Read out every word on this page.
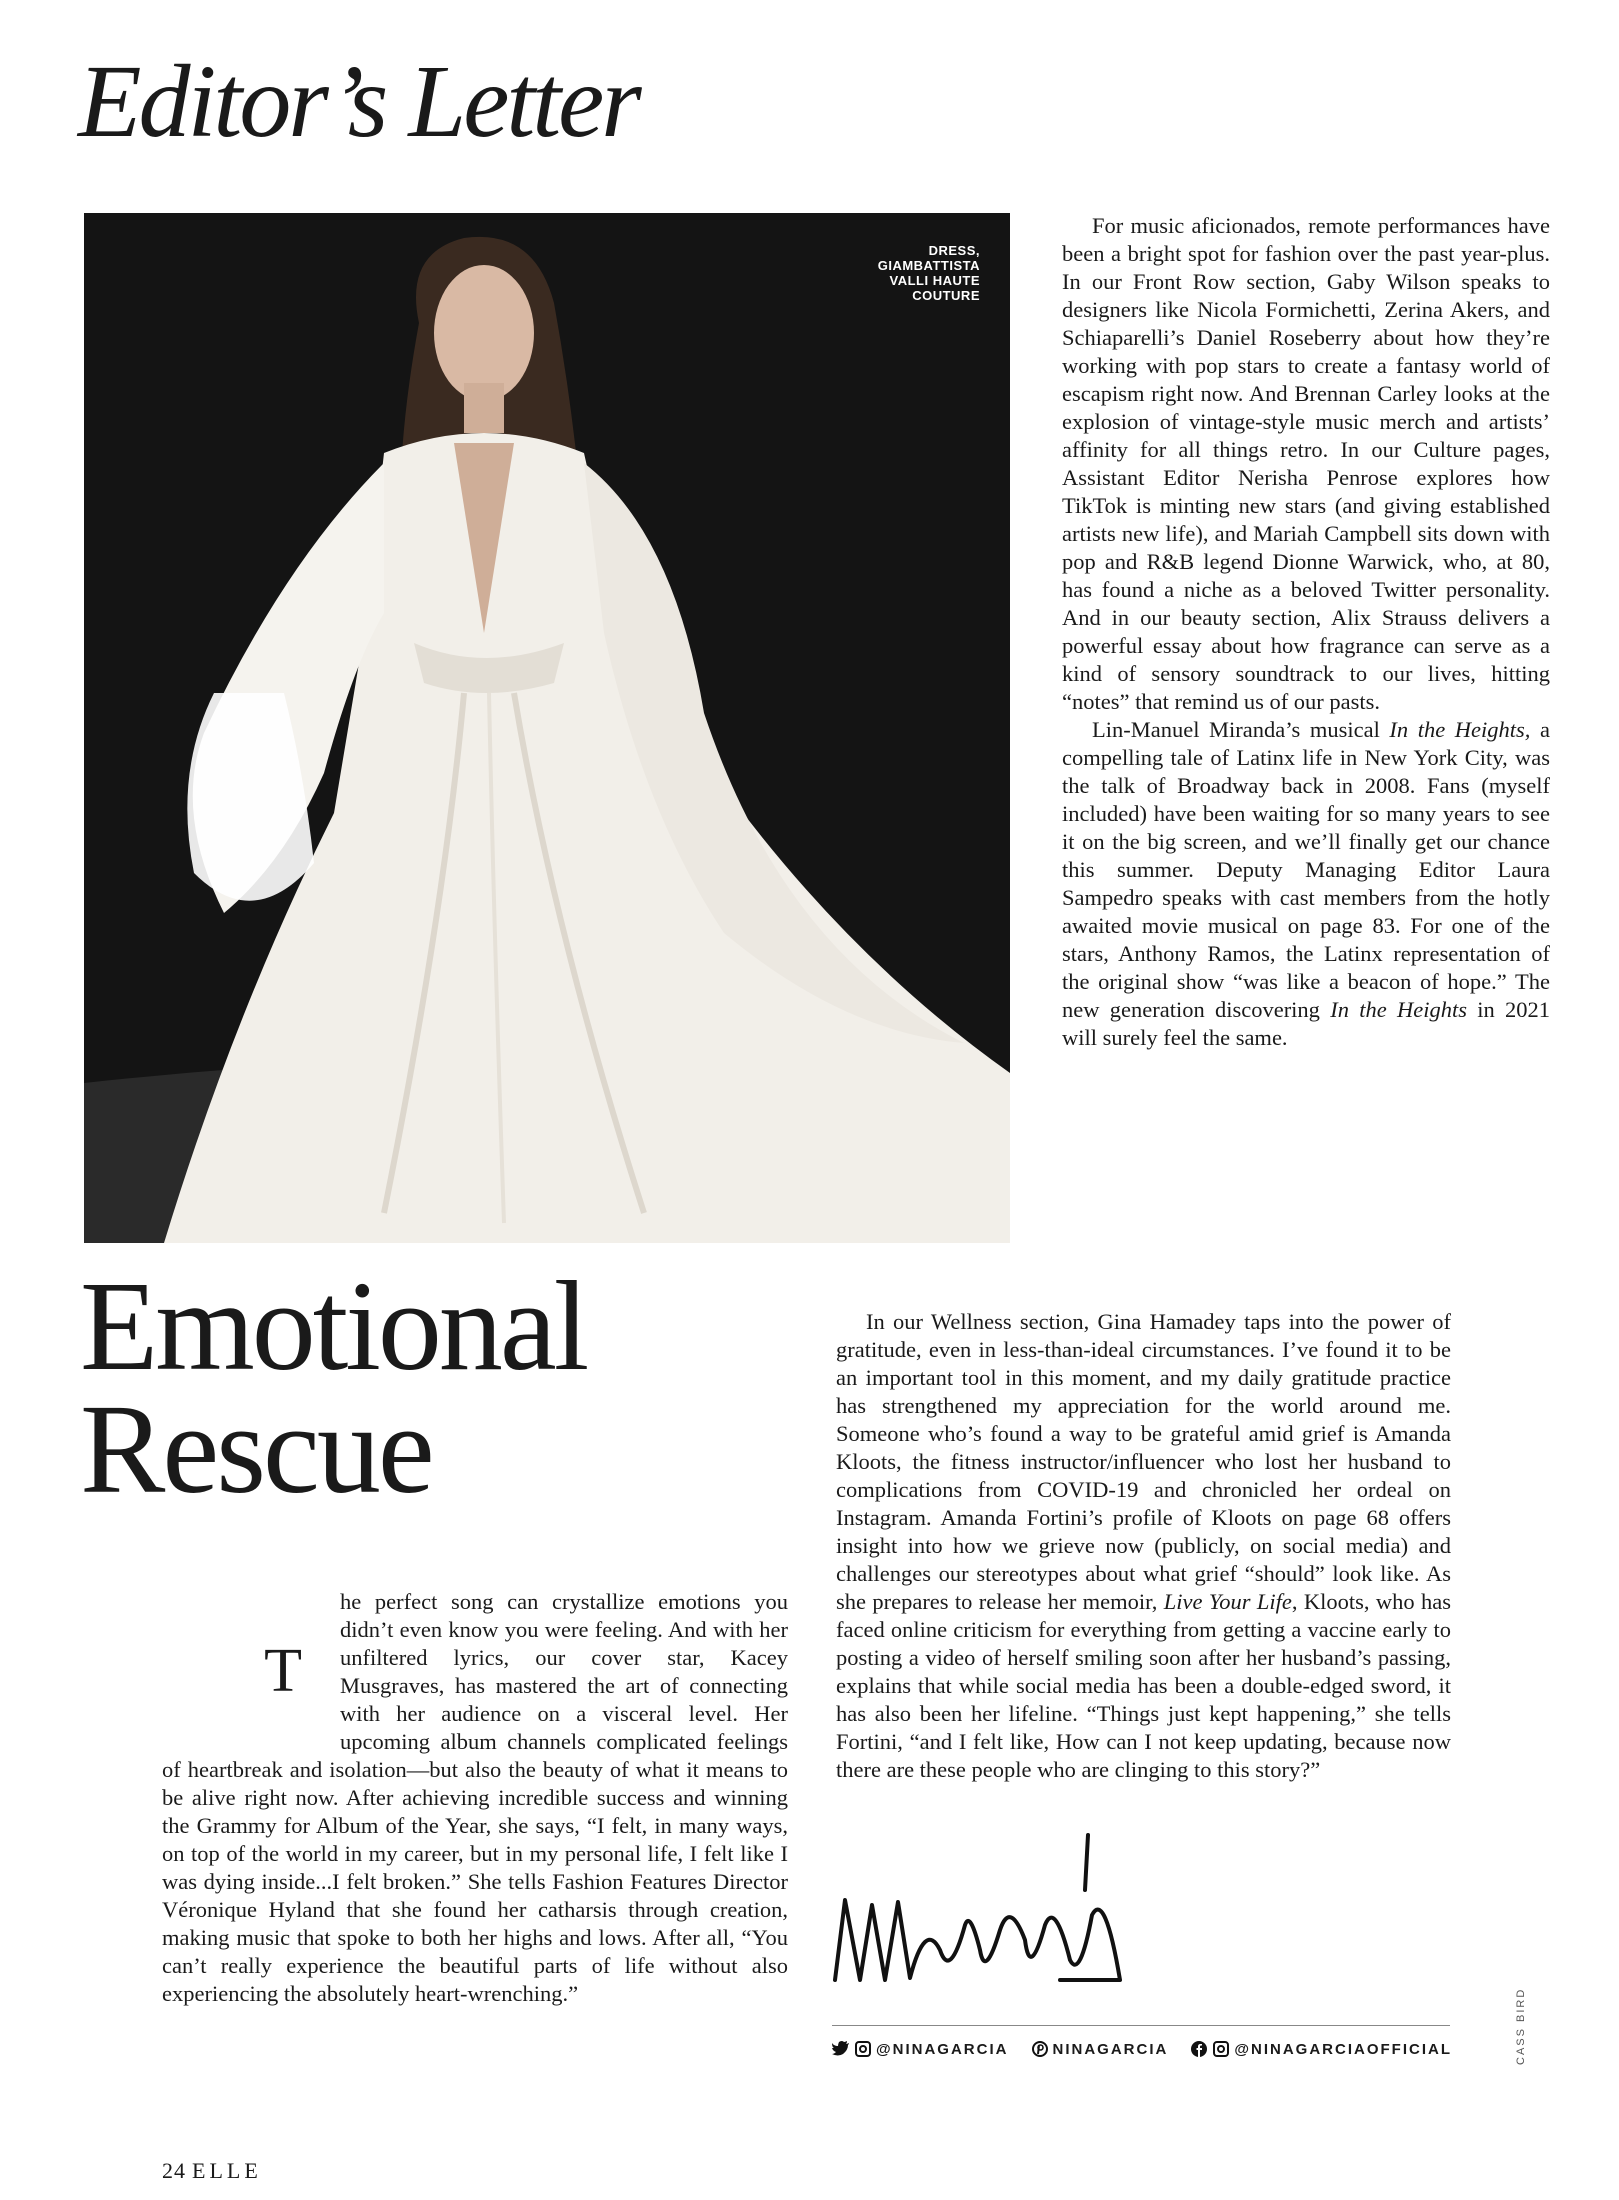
Editor’s Letter
DRESS,
GIAMBATTISTA
VALLI HAUTE
COUTURE

For music aficionados, remote performances have been a bright spot for fashion over the past year-plus. In our Front Row section, Gaby Wilson speaks to designers like Nicola Formichetti, Zerina Akers, and Schiaparelli’s Daniel Roseberry about how they’re working with pop stars to create a fantasy world of escapism right now. And Brennan Carley looks at the explosion of vintage-style music merch and artists’ affinity for all things retro. In our Culture pages, Assistant Editor Nerisha Penrose explores how TikTok is minting new stars (and giving established artists new life), and Mariah Campbell sits down with pop and R&B legend Dionne Warwick, who, at 80, has found a niche as a beloved Twitter personality. And in our beauty section, Alix Strauss delivers a powerful essay about how fragrance can serve as a kind of sensory soundtrack to our lives, hitting “notes” that remind us of our pasts.

Lin-Manuel Miranda’s musical In the Heights, a compelling tale of Latinx life in New York City, was the talk of Broadway back in 2008. Fans (myself included) have been waiting for so many years to see it on the big screen, and we’ll finally get our chance this summer. Deputy Managing Editor Laura Sampedro speaks with cast members from the hotly awaited movie musical on page 83. For one of the stars, Anthony Ramos, the Latinx representation of the original show “was like a beacon of hope.” The new generation discovering In the Heights in 2021 will surely feel the same.

Emotional
Rescue

In our Wellness section, Gina Hamadey taps into the power of gratitude, even in less-than-ideal circumstances. I’ve found it to be an important tool in this moment, and my daily gratitude practice has strengthened my appreciation for the world around me. Someone who’s found a way to be grateful amid grief is Amanda Kloots, the fitness instructor/influencer who lost her husband to complications from COVID-19 and chronicled her ordeal on Instagram. Amanda Fortini’s profile of Kloots on page 68 offers insight into how we grieve now (publicly, on social media) and challenges our stereotypes about what grief “should” look like. As she prepares to release her memoir, Live Your Life, Kloots, who has faced online criticism for everything from getting a vaccine early to posting a video of herself smiling soon after her husband’s passing, explains that while social media has been a double-edged sword, it has also been her lifeline. “Things just kept happening,” she tells Fortini, “and I felt like, How can I not keep updating, because now there are these people who are clinging to this story?”

T

he perfect song can crystallize emotions you didn’t even know you were feeling. And with her unfiltered lyrics, our cover star, Kacey Musgraves, has mastered the art of connecting with her audience on a visceral level. Her upcoming album channels complicated feelings of heartbreak and isolation—but also the beauty of what it means to be alive right now. After achieving incredible success and winning the Grammy for Album of the Year, she says, “I felt, in many ways, on top of the world in my career, but in my personal life, I felt like I was dying inside...I felt broken.” She tells Fashion Features Director Véronique Hyland that she found her catharsis through creation, making music that spoke to both her highs and lows. After all, “You can’t really experience the beautiful parts of life without also experiencing the absolutely heart-wrenching.”

@NINAGARCIA	NINAGARCIA	@NINAGARCIAOFFICIAL	CASS BIRD
24 ELLE
